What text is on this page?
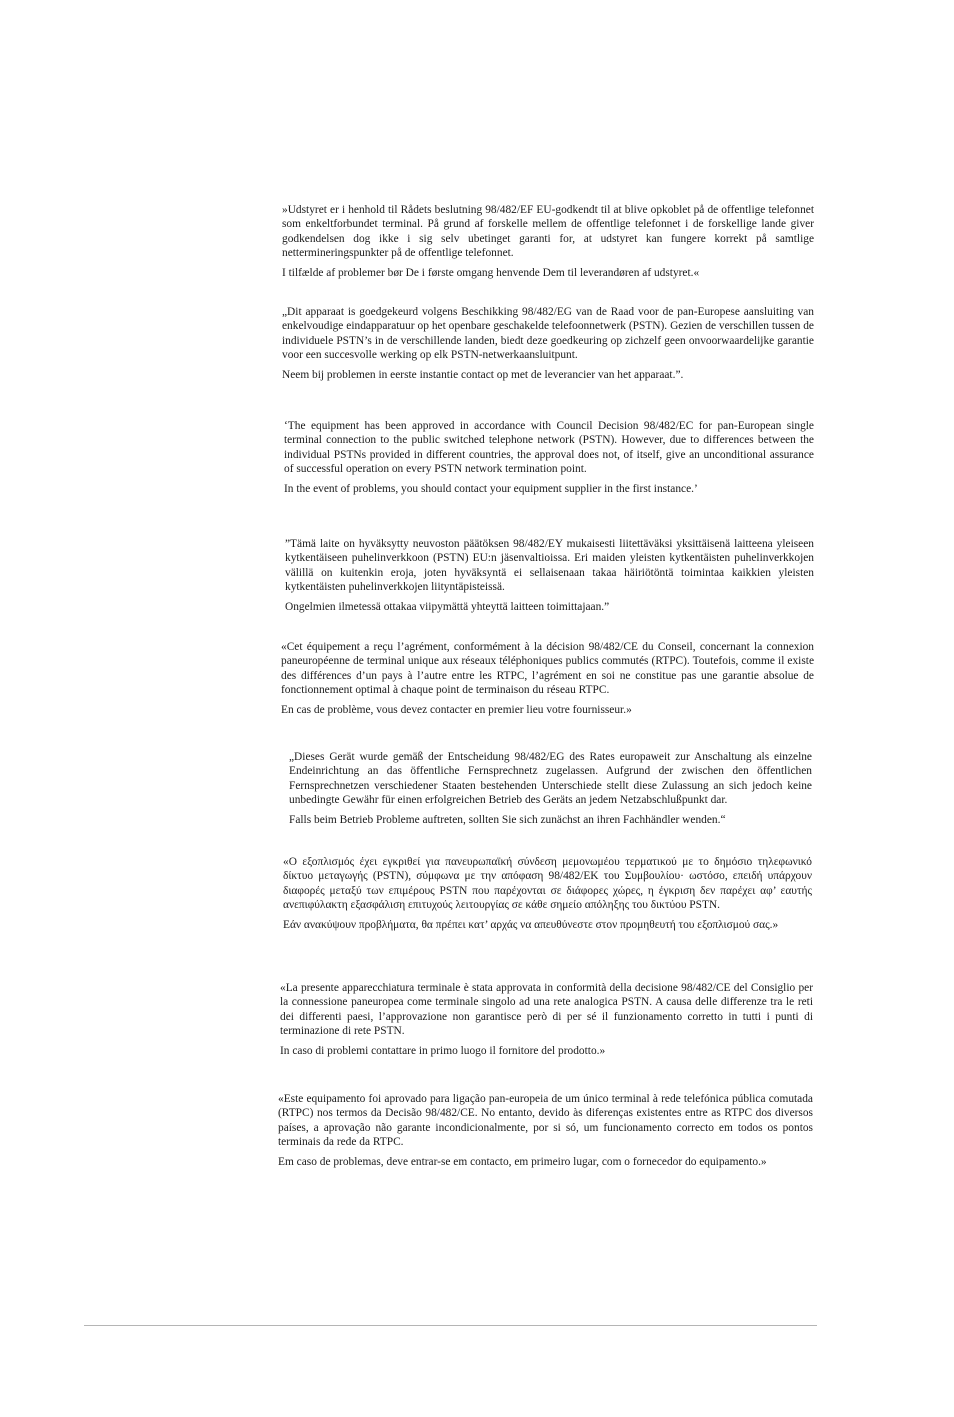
»Udstyret er i henhold til Rådets beslutning 98/482/EF EU-godkendt til at blive opkoblet på de offentlige telefonnet som enkeltforbundet terminal. På grund af forskelle mellem de offentlige telefonnet i de forskellige lande giver godkendelsen dog ikke i sig selv ubetinget garanti for, at udstyret kan fungere korrekt på samtlige nettermineringspunkter på de offentlige telefonnet.

I tilfælde af problemer bør De i første omgang henvende Dem til leverandøren af udstyret.«

„Dit apparaat is goedgekeurd volgens Beschikking 98/482/EG van de Raad voor de pan-Europese aansluiting van enkelvoudige eindapparatuur op het openbare geschakelde telefoonnetwerk (PSTN). Gezien de verschillen tussen de individuele PSTN’s in de verschillende landen, biedt deze goedkeuring op zichzelf geen onvoorwaardelijke garantie voor een succesvolle werking op elk PSTN-netwerkaansluitpunt.

Neem bij problemen in eerste instantie contact op met de leverancier van het apparaat.”.

‘The equipment has been approved in accordance with Council Decision 98/482/EC for pan-European single terminal connection to the public switched telephone network (PSTN). However, due to differences between the individual PSTNs provided in different countries, the approval does not, of itself, give an unconditional assurance of successful operation on every PSTN network termination point.

In the event of problems, you should contact your equipment supplier in the first instance.’

”Tämä laite on hyväksytty neuvoston päätöksen 98/482/EY mukaisesti liitettäväksi yksittäisenä laitteena yleiseen kytkentäiseen puhelinverkkoon (PSTN) EU:n jäsenvaltioissa. Eri maiden yleisten kytkentäisten puhelinverkkojen välillä on kuitenkin eroja, joten hyväksyntä ei sellaisenaan takaa häiriötöntä toimintaa kaikkien yleisten kytkentäisten puhelinverkkojen liityntäpisteissä.

Ongelmien ilmetessä ottakaa viipymättä yhteyttä laitteen toimittajaan.”

«Cet équipement a reçu l’agrément, conformément à la décision 98/482/CE du Conseil, concernant la connexion paneuropéenne de terminal unique aux réseaux téléphoniques publics commutés (RTPC). Toutefois, comme il existe des différences d’un pays à l’autre entre les RTPC, l’agrément en soi ne constitue pas une garantie absolue de fonctionnement optimal à chaque point de terminaison du réseau RTPC.

En cas de problème, vous devez contacter en premier lieu votre fournisseur.»

„Dieses Gerät wurde gemäß der Entscheidung 98/482/EG des Rates europaweit zur Anschaltung als einzelne Endeinrichtung an das öffentliche Fernsprechnetz zugelassen. Aufgrund der zwischen den öffentlichen Fernsprechnetzen verschiedener Staaten bestehenden Unterschiede stellt diese Zulassung an sich jedoch keine unbedingte Gewähr für einen erfolgreichen Betrieb des Geräts an jedem Netzabschlußpunkt dar.

Falls beim Betrieb Probleme auftreten, sollten Sie sich zunächst an ihren Fachhändler wenden.“

«Ο εξοπλισμός έχει εγκριθεί για πανευρωπαϊκή σύνδεση μεμονωμέου τερματικού με το δημόσιο τηλεφωνικό δίκτυο μεταγωγής (PSTN), σύμφωνα με την απόφαση 98/482/ΕΚ του Συμβουλίου· ωστόσο, επειδή υπάρχουν διαφορές μεταξύ των επιμέρους PSTN που παρέχονται σε διάφορες χώρες, η έγκριση δεν παρέχει αφ’ εαυτής ανεπιφύλακτη εξασφάλιση επιτυχούς λειτουργίας σε κάθε σημείο απόληξης του δικτύου PSTN.

Εάν ανακύψουν προβλήματα, θα πρέπει κατ’ αρχάς να απευθύνεστε στον προμηθευτή του εξοπλισμού σας.»

«La presente apparecchiatura terminale è stata approvata in conformità della decisione 98/482/CE del Consiglio per la connessione paneuropea come terminale singolo ad una rete analogica PSTN. A causa delle differenze tra le reti dei differenti paesi, l’approvazione non garantisce però di per sé il funzionamento corretto in tutti i punti di terminazione di rete PSTN.

In caso di problemi contattare in primo luogo il fornitore del prodotto.»

«Este equipamento foi aprovado para ligação pan-europeia de um único terminal à rede telefónica pública comutada (RTPC) nos termos da Decisão 98/482/CE. No entanto, devido às diferenças existentes entre as RTPC dos diversos países, a aprovação não garante incondicionalmente, por si só, um funcionamento correcto em todos os pontos terminais da rede da RTPC.

Em caso de problemas, deve entrar-se em contacto, em primeiro lugar, com o fornecedor do equipamento.»
